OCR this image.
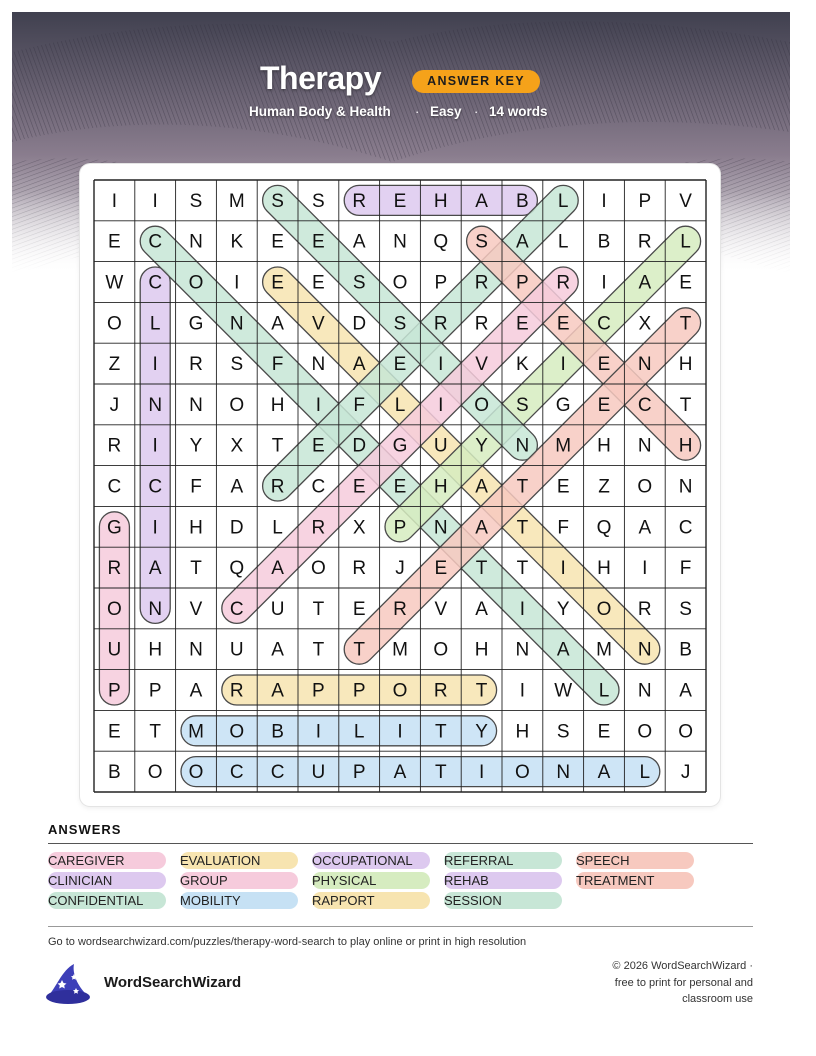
Therapy	ANSWER KEY
Human Body & Health · Easy · 14 words
I I S M S S R E H A B L I P V
E C N K E E A N Q S A L B R L
W C O I E E S O P R P R I A E
O L G N A V D S R R E E C X T
Z I R S F N A E I V K I E N H
J N N O H I F L I O S G E C T
R I Y X T E D G U Y N M H N H
C C F A R C E E H A T E Z O N
G I H D L R X P N A T F Q A C
R A T Q A O R J E T T I H I F
O N V C U T E R V A I Y O R S
U H N U A T T M O H N A M N B
P P A R A P P O R T I W L N A
E T M O B I L I T Y H S E O O
B O O C C U P A T I O N A L J
ANSWERS
CAREGIVER
CLINICIAN
CONFIDENTIAL
EVALUATION
GROUP
MOBILITY
OCCUPATIONAL
PHYSICAL
RAPPORT
REFERRAL
REHAB
SESSION
SPEECH
TREATMENT
Go to wordsearchwizard.com/puzzles/therapy-word-search to play online or print in high resolution
WordSearchWizard
© 2026 WordSearchWizard ·
free to print for personal and
classroom use
